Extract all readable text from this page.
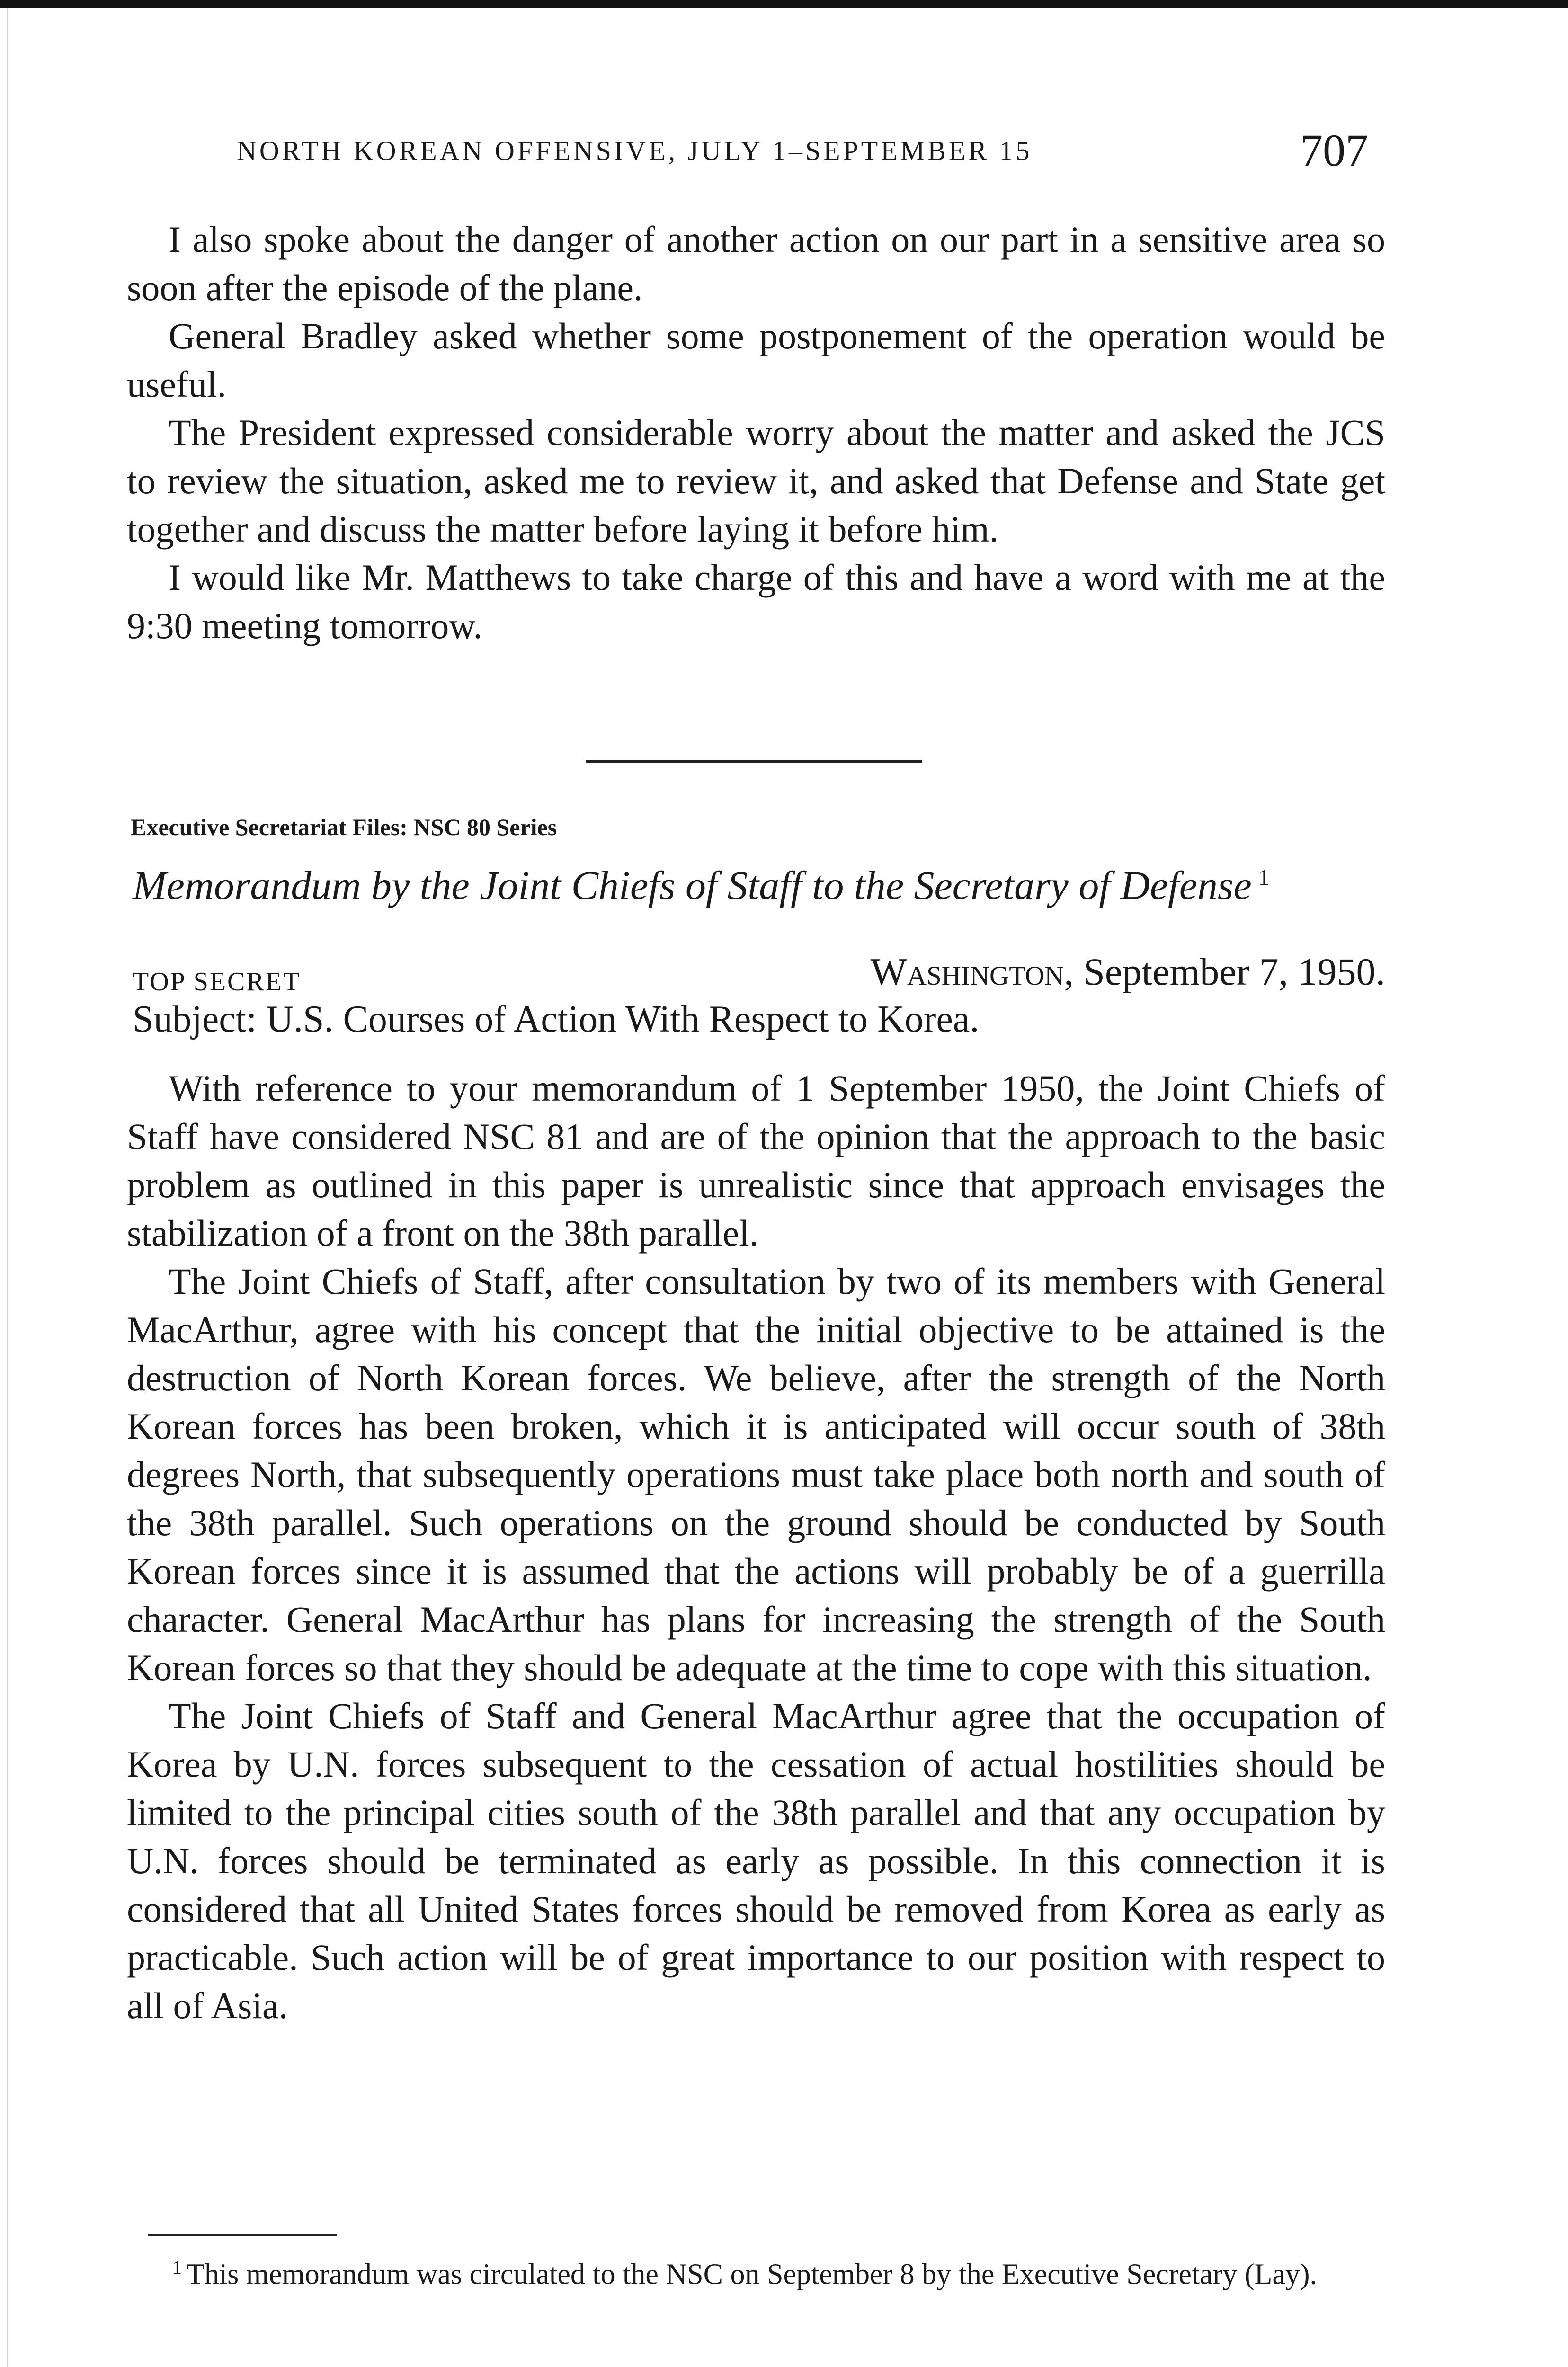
NORTH KOREAN OFFENSIVE, JULY 1–SEPTEMBER 15	707

I also spoke about the danger of another action on our part in a sensitive area so soon after the episode of the plane.

General Bradley asked whether some postponement of the operation would be useful.

The President expressed considerable worry about the matter and asked the JCS to review the situation, asked me to review it, and asked that Defense and State get together and discuss the matter before laying it before him.

I would like Mr. Matthews to take charge of this and have a word with me at the 9:30 meeting tomorrow.

Executive Secretariat Files: NSC 80 Series
Memorandum by the Joint Chiefs of Staff to the Secretary of Defense $^1$
TOP SECRET	Washington, September 7, 1950.
Subject: U.S. Courses of Action With Respect to Korea.

With reference to your memorandum of 1 September 1950, the Joint Chiefs of Staff have considered NSC 81 and are of the opinion that the approach to the basic problem as outlined in this paper is unrealistic since that approach envisages the stabilization of a front on the 38th parallel.

The Joint Chiefs of Staff, after consultation by two of its members with General MacArthur, agree with his concept that the initial objective to be attained is the destruction of North Korean forces. We believe, after the strength of the North Korean forces has been broken, which it is anticipated will occur south of 38th degrees North, that subsequently operations must take place both north and south of the 38th parallel. Such operations on the ground should be conducted by South Korean forces since it is assumed that the actions will probably be of a guerrilla character. General MacArthur has plans for increasing the strength of the South Korean forces so that they should be adequate at the time to cope with this situation.

The Joint Chiefs of Staff and General MacArthur agree that the occupation of Korea by U.N. forces subsequent to the cessation of actual hostilities should be limited to the principal cities south of the 38th parallel and that any occupation by U.N. forces should be terminated as early as possible. In this connection it is considered that all United States forces should be removed from Korea as early as practicable. Such action will be of great importance to our position with respect to all of Asia.

$^1$ This memorandum was circulated to the NSC on September 8 by the Executive Secretary (Lay).
